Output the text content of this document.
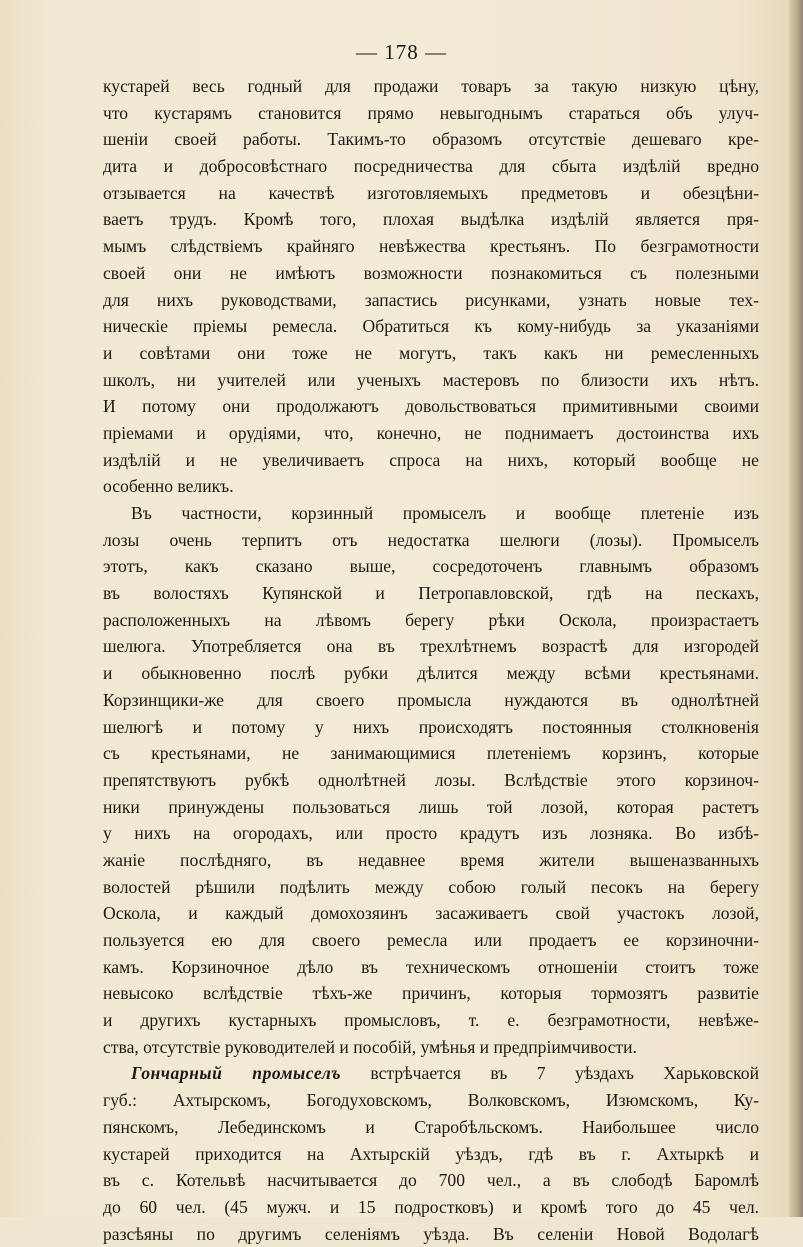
— 178 —
кустарей весь годный для продажи товаръ за такую низкую цѣну,
что кустарямъ становится прямо невыгоднымъ стараться объ улуч-
шеніи своей работы. Такимъ-то образомъ отсутствіе дешеваго кре-
дита и добросовѣстнаго посредничества для сбыта издѣлій вредно
отзывается на качествѣ изготовляемыхъ предметовъ и обезцѣни-
ваетъ трудъ. Кромѣ того, плохая выдѣлка издѣлій является пря-
мымъ слѣдствіемъ крайняго невѣжества крестьянъ. По безграмотности
своей они не имѣютъ возможности познакомиться съ полезными
для нихъ руководствами, запастись рисунками, узнать новые тех-
ническіе пріемы ремесла. Обратиться къ кому-нибудь за указаніями
и совѣтами они тоже не могутъ, такъ какъ ни ремесленныхъ
школъ, ни учителей или ученыхъ мастеровъ по близости ихъ нѣтъ.
И потому они продолжаютъ довольствоваться примитивными своими
пріемами и орудіями, что, конечно, не поднимаетъ достоинства ихъ
издѣлій и не увеличиваетъ спроса на нихъ, который вообще не
особенно великъ.
Въ частности, корзинный промыселъ и вообще плетеніе изъ
лозы очень терпитъ отъ недостатка шелюги (лозы). Промыселъ
этотъ, какъ сказано выше, сосредоточенъ главнымъ образомъ
въ волостяхъ Купянской и Петропавловской, гдѣ на пескахъ,
расположенныхъ на лѣвомъ берегу рѣки Оскола, произрастаетъ
шелюга. Употребляется она въ трехлѣтнемъ возрастѣ для изгородей
и обыкновенно послѣ рубки дѣлится между всѣми крестьянами.
Корзинщики-же для своего промысла нуждаются въ однолѣтней
шелюгѣ и потому у нихъ происходятъ постоянныя столкновенія
съ крестьянами, не занимающимися плетеніемъ корзинъ, которые
препятствуютъ рубкѣ однолѣтней лозы. Вслѣдствіе этого корзиноч-
ники принуждены пользоваться лишь той лозой, которая растетъ
у нихъ на огородахъ, или просто крадутъ изъ лозняка. Во избѣ-
жаніе послѣдняго, въ недавнее время жители вышеназванныхъ
волостей рѣшили подѣлить между собою голый песокъ на берегу
Оскола, и каждый домохозяинъ засаживаетъ свой участокъ лозой,
пользуется ею для своего ремесла или продаетъ ее корзиночни-
камъ. Корзиночное дѣло въ техническомъ отношеніи стоитъ тоже
невысоко вслѣдствіе тѣхъ-же причинъ, которыя тормозятъ развитіе
и другихъ кустарныхъ промысловъ, т. е. безграмотности, невѣже-
ства, отсутствіе руководителей и пособій, умѣнья и предпріимчивости.
Гончарный промыселъ встрѣчается въ 7 уѣздахъ Харьковской
губ.: Ахтырскомъ, Богодуховскомъ, Волковскомъ, Изюмскомъ, Ку-
пянскомъ, Лебединскомъ и Старобѣльскомъ. Наибольшее число
кустарей приходится на Ахтырскій уѣздъ, гдѣ въ г. Ахтыркѣ и
въ с. Котельвѣ насчитывается до 700 чел., а въ слободѣ Бaромлѣ
до 60 чел. (45 мужч. и 15 подростковъ) и кромѣ того до 45 чел.
разсѣяны по другимъ селеніямъ уѣзда. Въ селеніи Новой Водолагѣ
